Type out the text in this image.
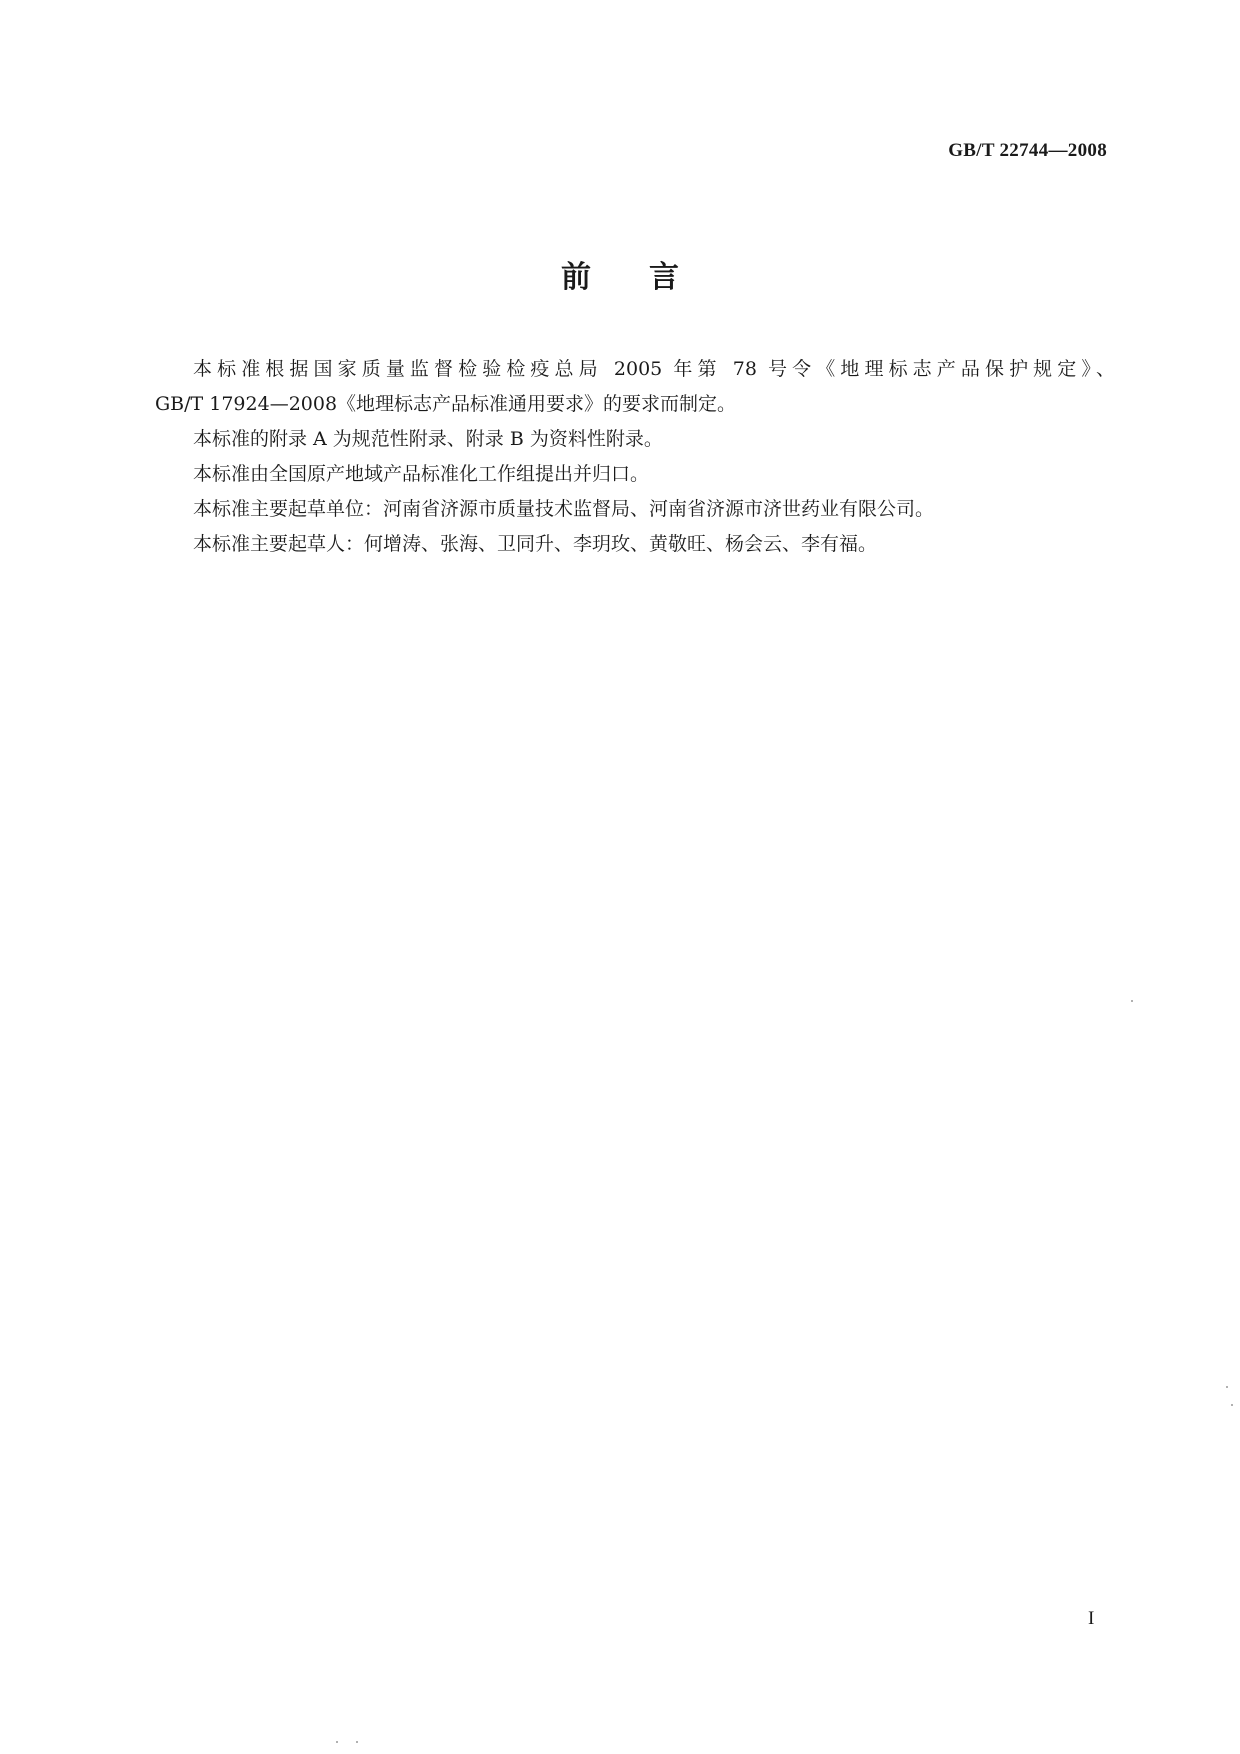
GB/T 22744—2008
前言

本标准根据国家质量监督检验检疫总局 2005 年第 78 号令《地理标志产品保护规定》、

GB/T 17924—2008《地理标志产品标准通用要求》的要求而制定。

本标准的附录 A 为规范性附录、附录 B 为资料性附录。

本标准由全国原产地域产品标准化工作组提出并归口。

本标准主要起草单位：河南省济源市质量技术监督局、河南省济源市济世药业有限公司。

本标准主要起草人：何增涛、张海、卫同升、李玥玫、黄敬旺、杨会云、李有福。

I
